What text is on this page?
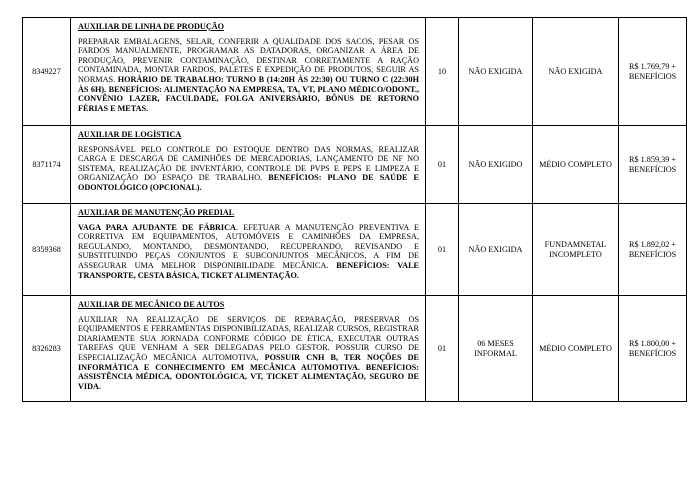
8349227	AUXILIAR DE LINHA DE PRODUÇÃO
PREPARAR EMBALAGENS, SELAR, CONFERIR A QUALIDADE DOS SACOS, PESAR OS FARDOS MANUALMENTE, PROGRAMAR AS DATADORAS, ORGANIZAR A ÁREA DE PRODUÇÃO, PREVENIR CONTAMINAÇÃO, DESTINAR CORRETAMENTE A RAÇÃO CONTAMINADA, MONTAR FARDOS, PALETES E EXPEDIÇÃO DE PRODUTOS, SEGUIR AS NORMAS. HORÁRIO DE TRABALHO: TURNO B (14:20H ÀS 22:30) OU TURNO C (22:30H ÀS 6H). BENEFÍCIOS: ALIMENTAÇÃO NA EMPRESA, TA, VT, PLANO MÉDICO/ODONT., CONVÊNIO LAZER, FACULDADE, FOLGA ANIVERSÁRIO, BÔNUS DE RETORNO FÉRIAS E METAS.	10	NÃO EXIGIDA	NÃO EXIGIDA	R$ 1.769,79 + BENEFÍCIOS
8371174	AUXILIAR DE LOGÍSTICA
RESPONSÁVEL PELO CONTROLE DO ESTOQUE DENTRO DAS NORMAS, REALIZAR CARGA E DESCARGA DE CAMINHÕES DE MERCADORIAS, LANÇAMENTO DE NF NO SISTEMA, REALIZAÇÃO DE INVENTÁRIO, CONTROLE DE PVPS E PEPS E LIMPEZA E ORGANIZAÇÃO DO ESPAÇO DE TRABALHO. BENEFÍCIOS: PLANO DE SAÚDE E ODONTOLÓGICO (OPCIONAL).	01	NÃO EXIGIDO	MÉDIO COMPLETO	R$ 1.859,39 + BENEFÍCIOS
8359368	AUXILIAR DE MANUTENÇÃO PREDIAL
VAGA PARA AJUDANTE DE FÁBRICA. EFETUAR A MANUTENÇÃO PREVENTIVA E CORRETIVA EM EQUIPAMENTOS, AUTOMÓVEIS E CAMINHÕES DA EMPRESA, REGULANDO, MONTANDO, DESMONTANDO, RECUPERANDO, REVISANDO E SUBSTITUINDO PEÇAS CONJUNTOS E SUBCONJUNTOS MECÂNICOS, A FIM DE ASSEGURAR UMA MELHOR DISPONIBILIDADE MECÂNICA. BENEFÍCIOS: VALE TRANSPORTE, CESTA BÁSICA, TICKET ALIMENTAÇÃO.	01	NÃO EXIGIDA	FUNDAMNETAL INCOMPLETO	R$ 1.892,02 + BENEFÍCIOS
8326283	AUXILIAR DE MECÂNICO DE AUTOS
AUXILIAR NA REALIZAÇÃO DE SERVIÇOS DE REPARAÇÃO, PRESERVAR OS EQUIPAMENTOS E FERRAMENTAS DISPONIBILIZADAS, REALIZAR CURSOS, REGISTRAR DIARIAMENTE SUA JORNADA CONFORME CÓDIGO DE ÉTICA, EXECUTAR OUTRAS TAREFAS QUE VENHAM A SER DELEGADAS PELO GESTOR. POSSUIR CURSO DE ESPECIALIZAÇÃO MECÂNICA AUTOMOTIVA, POSSUIR CNH B, TER NOÇÕES DE INFORMÁTICA E CONHECIMENTO EM MECÂNICA AUTOMOTIVA. BENEFÍCIOS: ASSISTÊNCIA MÉDICA, ODONTOLÓGICA, VT, TICKET ALIMENTAÇÃO, SEGURO DE VIDA.	01	06 MESES INFORMAL	MÉDIO COMPLETO	R$ 1.800,00 + BENEFÍCIOS
